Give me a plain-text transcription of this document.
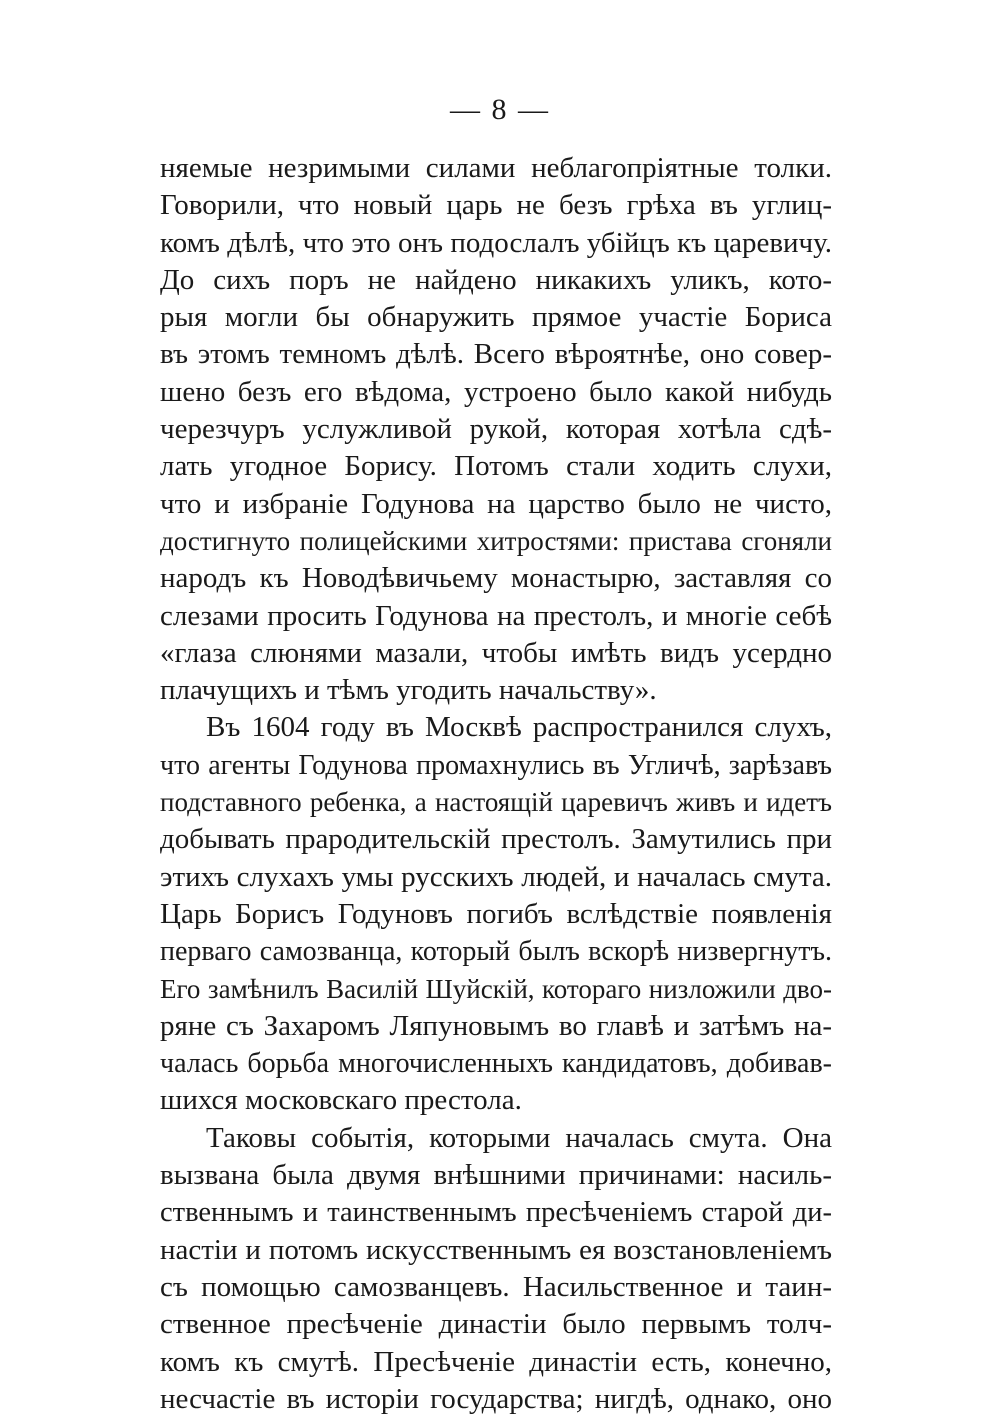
— 8 —
няемые незримыми силами неблагопріятные толки.
Говорили, что новый царь не безъ грѣха въ углиц-
комъ дѣлѣ, что это онъ подослалъ убійцъ къ царевичу.
До сихъ поръ не найдено никакихъ уликъ, кото-
рыя могли бы обнаружить прямое участіе Бориса
въ этомъ темномъ дѣлѣ. Всего вѣроятнѣе, оно совер-
шено безъ его вѣдома, устроено было какой нибудь
черезчуръ услужливой рукой, которая хотѣла сдѣ-
лать угодное Борису. Потомъ стали ходить слухи,
что и избраніе Годунова на царство было не чисто,
достигнуто полицейскими хитростями: пристава сгоняли
народъ къ Новодѣвичьему монастырю, заставляя со
слезами просить Годунова на престолъ, и многіе себѣ
«глаза слюнями мазали, чтобы имѣть видъ усердно
плачущихъ и тѣмъ угодить начальству».
Въ 1604 году въ Москвѣ распространился слухъ,
что агенты Годунова промахнулись въ Угличѣ, зарѣзавъ
подставного ребенка, а настоящій царевичъ живъ и идетъ
добывать прародительскій престолъ. Замутились при
этихъ слухахъ умы русскихъ людей, и началась смута.
Царь Борисъ Годуновъ погибъ вслѣдствіе появленія
перваго самозванца, который былъ вскорѣ низвергнутъ.
Его замѣнилъ Василій Шуйскій, котораго низложили дво-
ряне съ Захаромъ Ляпуновымъ во главѣ и затѣмъ на-
чалась борьба многочисленныхъ кандидатовъ, добивав-
шихся московскаго престола.
Таковы событія, которыми началась смута. Она
вызвана была двумя внѣшними причинами: насиль-
ственнымъ и таинственнымъ пресѣченіемъ старой ди-
настіи и потомъ искусственнымъ ея возстановленіемъ
съ помощью самозванцевъ. Насильственное и таин-
ственное пресѣченіе династіи было первымъ толч-
комъ къ смутѣ. Пресѣченіе династіи есть, конечно,
несчастіе въ исторіи государства; нигдѣ, однако, оно
